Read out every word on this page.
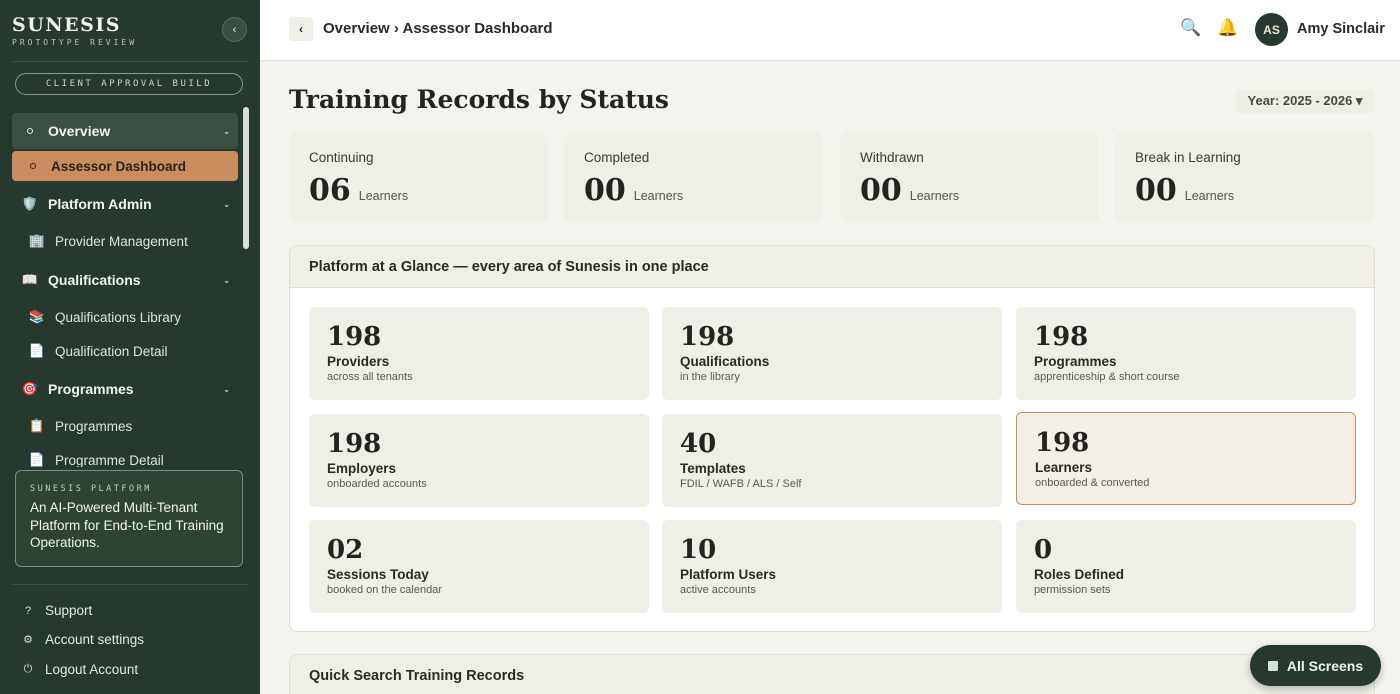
SUNESIS
PROTOTYPE REVIEW
‹
CLIENT APPROVAL BUILD
Overview	⌄
Assessor Dashboard
🛡️ Platform Admin	⌄
🏢 Provider Management
📖 Qualifications	⌄
📚 Qualifications Library
📄 Qualification Detail
🎯 Programmes	⌄
📋 Programmes
📄 Programme Detail
SUNESIS PLATFORM
An AI-Powered Multi-Tenant Platform for End-to-End Training Operations.
? Support
⚙ Account settings
⏻ Logout Account
‹ Overview › Assessor Dashboard	🔍 🔔	AS	Amy Sinclair
Training Records by Status	Year: 2025 - 2026 ▾
Continuing
06 Learners
Completed
00 Learners
Withdrawn
00 Learners
Break in Learning
00 Learners
Platform at a Glance — every area of Sunesis in one place
198
Providers
across all tenants
198
Qualifications
in the library
198
Programmes
apprenticeship & short course
198
Employers
onboarded accounts
40
Templates
FDIL / WAFB / ALS / Self
198
Learners
onboarded & converted
02
Sessions Today
booked on the calendar
10
Platform Users
active accounts
0
Roles Defined
permission sets
Quick Search Training Records
All Screens
